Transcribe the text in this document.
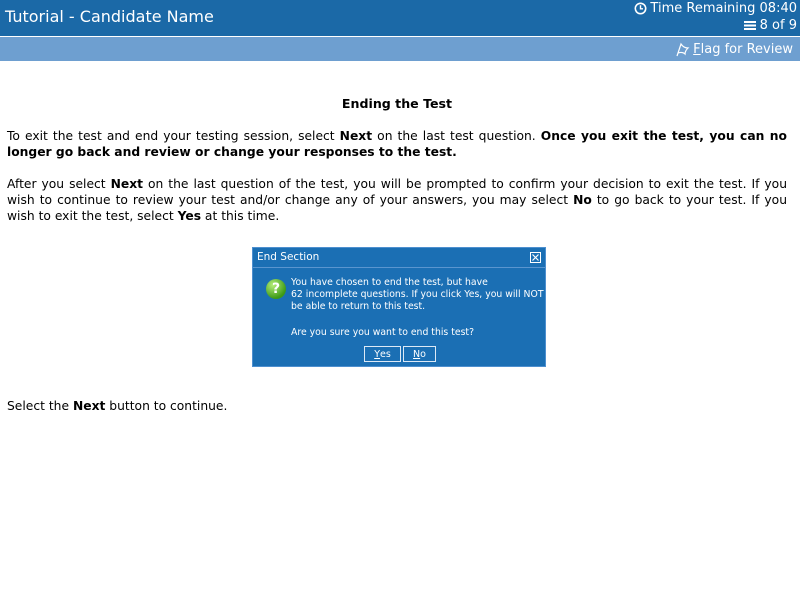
Tutorial - Candidate Name	Time Remaining 08:40
8 of 9
Flag for Review
Ending the Test

To exit the test and end your testing session, select Next on the last test question. Once you exit the test, you can no longer go back and review or change your responses to the test.

After you select Next on the last question of the test, you will be prompted to confirm your decision to exit the test. If you wish to continue to review your test and/or change any of your answers, you may select No to go back to your test. If you wish to exit the test, select Yes at this time.

End Section
?	You have chosen to end the test, but have
62 incomplete questions. If you click Yes, you will NOT
be able to return to this test.
Are you sure you want to end this test?
Y es N o

Select the Next button to continue.
